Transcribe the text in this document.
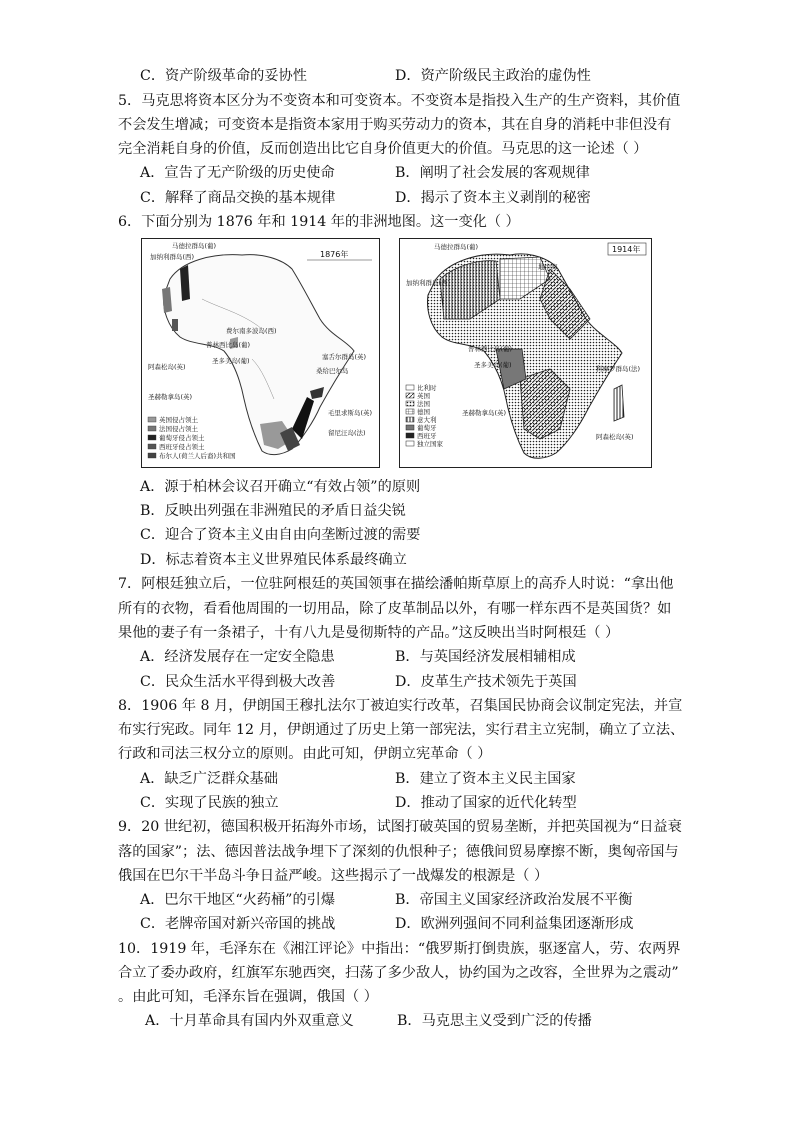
C．资产阶级革命的妥协性	D．资产阶级民主政治的虚伪性
5．马克思将资本区分为不变资本和可变资本。不变资本是指投入生产的生产资料，其价值
不会发生增减；可变资本是指资本家用于购买劳动力的资本，其在自身的消耗中非但没有
完全消耗自身的价值，反而创造出比它自身价值更大的价值。马克思的这一论述（ ）
A．宣告了无产阶级的历史使命	B．阐明了社会发展的客观规律
C．解释了商品交换的基本规律	D．揭示了资本主义剥削的秘密
6．下面分别为 1876 年和 1914 年的非洲地图。这一变化（ ）
1876年
马德拉群岛(葡)
加纳利群岛(西)
普林西比岛(葡)
圣多美岛(葡)
费尔南多波岛(西)
阿森松岛(英)
圣赫勒拿岛(英)
塞舌尔群岛(英)
桑给巴尔岛
毛里求斯岛(英)
留尼汪岛(法)
英国侵占领土
法国侵占领土
葡萄牙侵占领土
西班牙侵占领土
布尔人(荷兰人后裔)共和国
1914年
马德拉群岛(葡)
加纳利群岛(西)
地中海
普林西比岛(葡)
圣多美岛(葡)
圣赫勒拿岛(英)
科摩罗群岛(法)
阿森松岛(英)
比利时
英国
法国
德国
意大利
葡萄牙
西班牙
独立国家
A．源于柏林会议召开确立“有效占领”的原则
B．反映出列强在非洲殖民的矛盾日益尖锐
C．迎合了资本主义由自由向垄断过渡的需要
D．标志着资本主义世界殖民体系最终确立
7．阿根廷独立后，一位驻阿根廷的英国领事在描绘潘帕斯草原上的高乔人时说：“拿出他
所有的衣物，看看他周围的一切用品，除了皮革制品以外，有哪一样东西不是英国货？如
果他的妻子有一条裙子，十有八九是曼彻斯特的产品。”这反映出当时阿根廷（ ）
A．经济发展存在一定安全隐患	B．与英国经济发展相辅相成
C．民众生活水平得到极大改善	D．皮革生产技术领先于英国
8．1906 年 8 月，伊朗国王穆扎法尔丁被迫实行改革，召集国民协商会议制定宪法，并宣
布实行宪政。同年 12 月，伊朗通过了历史上第一部宪法，实行君主立宪制，确立了立法、
行政和司法三权分立的原则。由此可知，伊朗立宪革命（ ）
A．缺乏广泛群众基础	B．建立了资本主义民主国家
C．实现了民族的独立	D．推动了国家的近代化转型
9．20 世纪初，德国积极开拓海外市场，试图打破英国的贸易垄断，并把英国视为“日益衰
落的国家”；法、德因普法战争埋下了深刻的仇恨种子；德俄间贸易摩擦不断，奥匈帝国与
俄国在巴尔干半岛斗争日益严峻。这些揭示了一战爆发的根源是（ ）
A．巴尔干地区“火药桶”的引爆	B．帝国主义国家经济政治发展不平衡
C．老牌帝国对新兴帝国的挑战	D．欧洲列强间不同利益集团逐渐形成
10．1919 年，毛泽东在《湘江评论》中指出：“俄罗斯打倒贵族，驱逐富人，劳、农两界
合立了委办政府，红旗军东驰西突，扫荡了多少敌人，协约国为之改容，全世界为之震动”
。由此可知，毛泽东旨在强调，俄国（ ）
A．十月革命具有国内外双重意义	B．马克思主义受到广泛的传播
